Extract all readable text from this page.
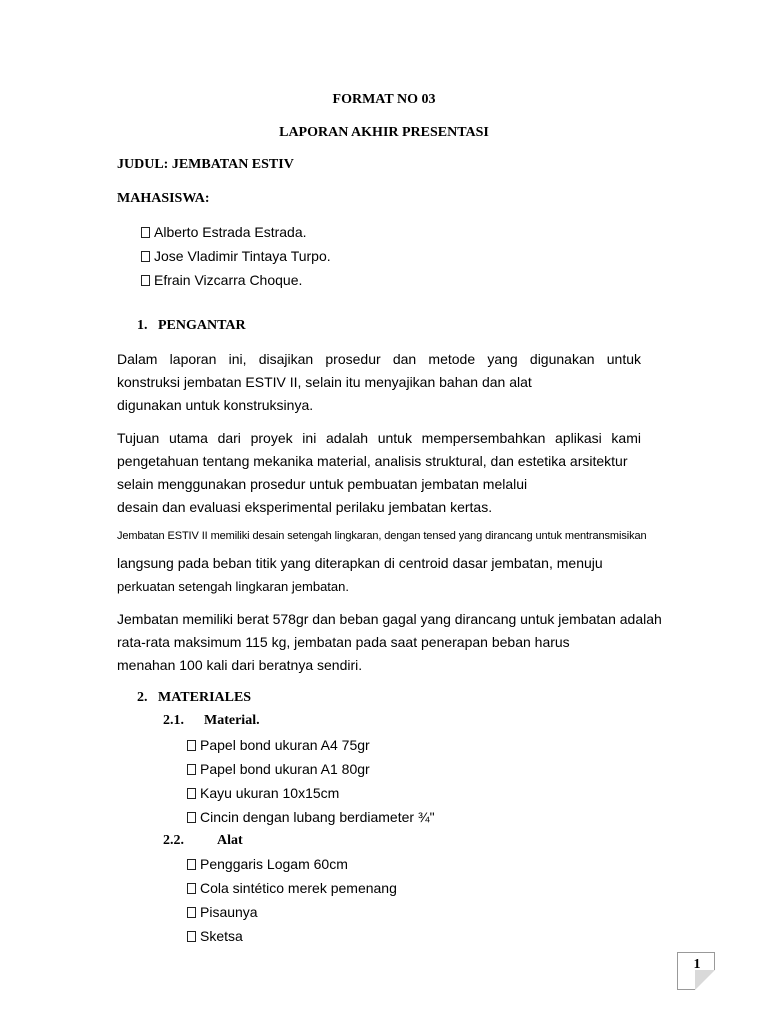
FORMAT NO 03
LAPORAN AKHIR PRESENTASI
JUDUL: JEMBATAN ESTIV
MAHASISWA:
Alberto Estrada Estrada.
Jose Vladimir Tintaya Turpo.
Efrain Vizcarra Choque.
1.   PENGANTAR
Dalam laporan ini, disajikan prosedur dan metode yang digunakan untuk
konstruksi jembatan ESTIV II, selain itu menyajikan bahan dan alat
digunakan untuk konstruksinya.
Tujuan utama dari proyek ini adalah untuk mempersembahkan aplikasi kami
pengetahuan tentang mekanika material, analisis struktural, dan estetika arsitektur
selain menggunakan prosedur untuk pembuatan jembatan melalui
desain dan evaluasi eksperimental perilaku jembatan kertas.
Jembatan ESTIV II memiliki desain setengah lingkaran, dengan tensed yang dirancang untuk mentransmisikan
langsung pada beban titik yang diterapkan di centroid dasar jembatan, menuju
perkuatan setengah lingkaran jembatan.
Jembatan memiliki berat 578gr dan beban gagal yang dirancang untuk jembatan adalah
rata-rata maksimum 115 kg, jembatan pada saat penerapan beban harus
menahan 100 kali dari beratnya sendiri.
2.   MATERIALES
2.1. Material.
Papel bond ukuran A4 75gr
Papel bond ukuran A1 80gr
Kayu ukuran 10x15cm
Cincin dengan lubang berdiameter ¾"
2.2. Alat
Penggaris Logam 60cm
Cola sintético merek pemenang
Pisaunya
Sketsa
1
